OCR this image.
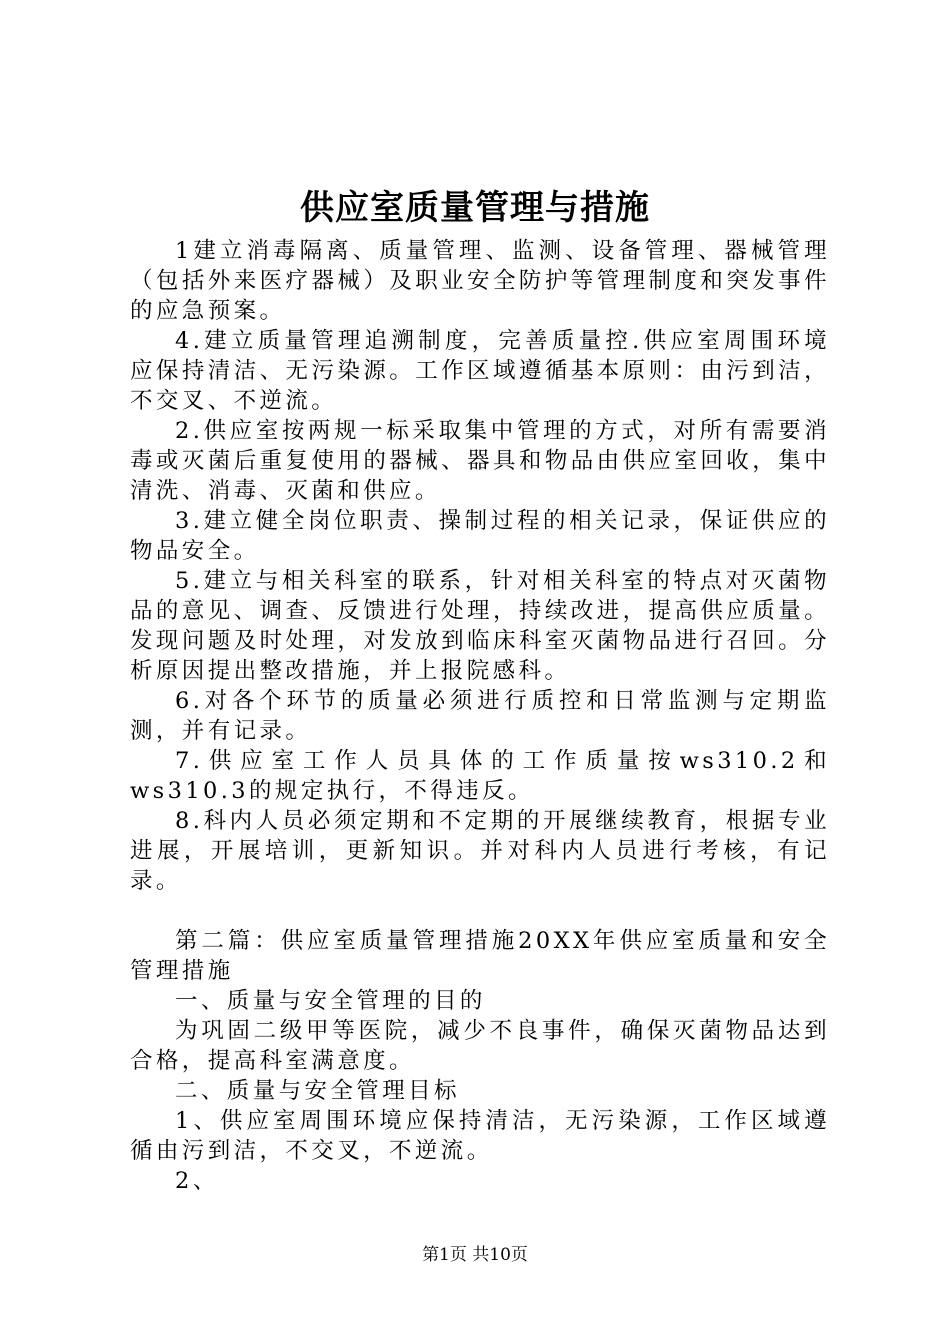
供应室质量管理与措施

1建立消毒隔离、质量管理、监测、设备管理、器械管理（包括外来医疗器械）及职业安全防护等管理制度和突发事件的应急预案。

4.建立质量管理追溯制度，完善质量控.供应室周围环境应保持清洁、无污染源。工作区域遵循基本原则：由污到洁，不交叉、不逆流。

2.供应室按两规一标采取集中管理的方式，对所有需要消毒或灭菌后重复使用的器械、器具和物品由供应室回收，集中清洗、消毒、灭菌和供应。

3.建立健全岗位职责、操制过程的相关记录，保证供应的物品安全。

5.建立与相关科室的联系，针对相关科室的特点对灭菌物品的意见、调查、反馈进行处理，持续改进，提高供应质量。发现问题及时处理，对发放到临床科室灭菌物品进行召回。分析原因提出整改措施，并上报院感科。

6.对各个环节的质量必须进行质控和日常监测与定期监测，并有记录。

7.供应室工作人员具体的工作质量按ws310.2和ws310.3的规定执行，不得违反。

8.科内人员必须定期和不定期的开展继续教育，根据专业进展，开展培训，更新知识。并对科内人员进行考核，有记录。

第二篇：供应室质量管理措施20XX年供应室质量和安全管理措施

一、质量与安全管理的目的

为巩固二级甲等医院，减少不良事件，确保灭菌物品达到合格，提高科室满意度。

二、质量与安全管理目标

1、供应室周围环境应保持清洁，无污染源，工作区域遵循由污到洁，不交叉，不逆流。

2、

第1页 共10页
